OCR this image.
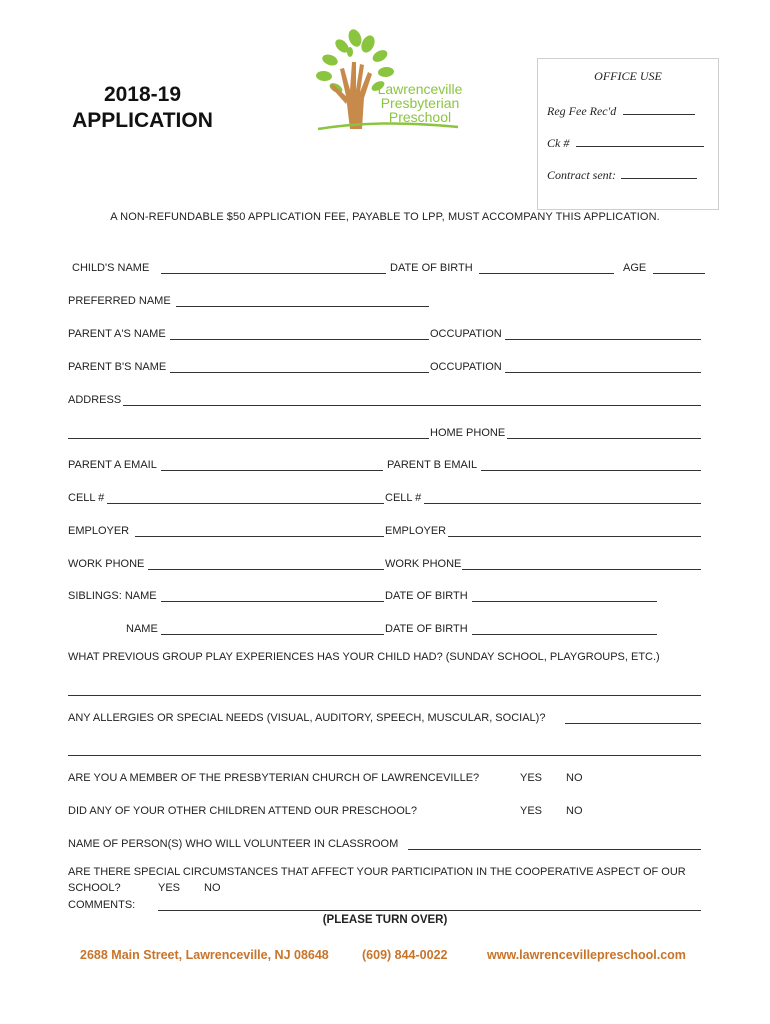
2018-19
APPLICATION
Lawrenceville
Presbyterian
Preschool
OFFICE USE
Reg Fee Rec'd
Ck #
Contract sent:
A NON-REFUNDABLE $50 APPLICATION FEE, PAYABLE TO LPP, MUST ACCOMPANY THIS APPLICATION.
CHILD'S NAME	DATE OF BIRTH	AGE
PREFERRED NAME
PARENT A'S NAME	OCCUPATION
PARENT B'S NAME	OCCUPATION
ADDRESS
HOME PHONE
PARENT A EMAIL	PARENT B EMAIL
CELL #	CELL #
EMPLOYER	EMPLOYER
WORK PHONE	WORK PHONE
SIBLINGS: NAME	DATE OF BIRTH
NAME	DATE OF BIRTH
WHAT PREVIOUS GROUP PLAY EXPERIENCES HAS YOUR CHILD HAD? (SUNDAY SCHOOL, PLAYGROUPS, ETC.)
ANY ALLERGIES OR SPECIAL NEEDS (VISUAL, AUDITORY, SPEECH, MUSCULAR, SOCIAL)?
ARE YOU A MEMBER OF THE PRESBYTERIAN CHURCH OF LAWRENCEVILLE?	YES NO
DID ANY OF YOUR OTHER CHILDREN ATTEND OUR PRESCHOOL?	YES NO
NAME OF PERSON(S) WHO WILL VOLUNTEER IN CLASSROOM
ARE THERE SPECIAL CIRCUMSTANCES THAT AFFECT YOUR PARTICIPATION IN THE COOPERATIVE ASPECT OF OUR
SCHOOL?	YES NO
COMMENTS:
(PLEASE TURN OVER)
2688 Main Street, Lawrenceville, NJ 08648	(609) 844-0022	www.lawrencevillepreschool.com
